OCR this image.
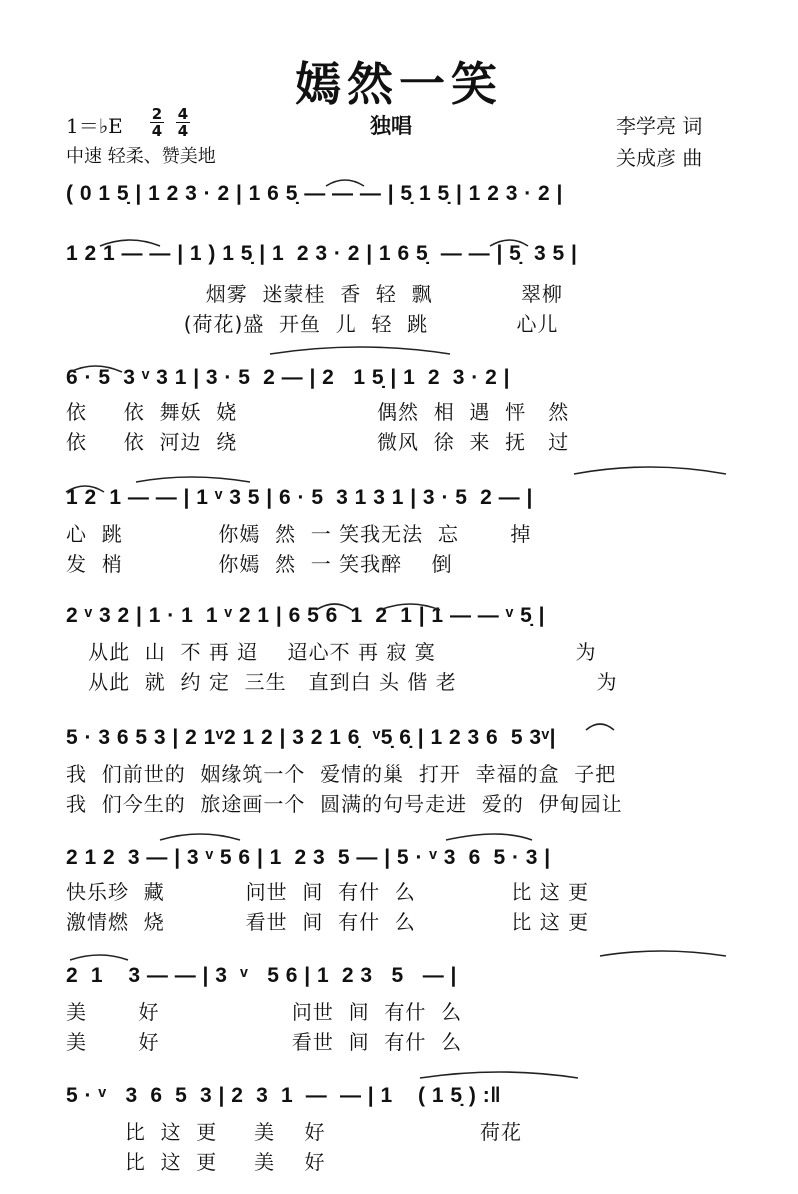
嫣然一笑
1＝♭E 2
4
4
4	独唱
中速 轻柔、赞美地
李学亮 词
关成彦 曲
( 0 1 5̣ | 1 2 3 · 2 | 1 6 5̣ — — — | 5̣ 1 5̣ | 1 2 3 · 2 |
1 2 1 — — | 1 ) 1 5̣ | 1  2 3 · 2 | 1 6 5̣  — — | 5̣  3 5 |
烟雾  迷蒙桂  香  轻  飘            翠柳
(荷花)盛  开鱼  儿  轻  跳            心儿
6 · 5  3 ᵛ 3 1 | 3 · 5  2 — | 2   1 5̣ | 1  2  3 · 2 |
依     依  舞妖  娆                   偶然  相  遇  怦   然
依     依  河边  绕                   微风  徐  来  抚   过
1 2  1 — — | 1 ᵛ 3 5 | 6 · 5  3 1 3 1 | 3 · 5  2 — |
心  跳             你嫣  然  一 笑我无法  忘       掉
发  梢             你嫣  然  一 笑我醉    倒
2 ᵛ 3 2 | 1 · 1  1 ᵛ 2 1 | 6 5 6  1  2  1 | 1 — — ᵛ 5̣ |
从此  山  不 再 迢    迢心不 再 寂 寞                   为
从此  就  约 定  三生   直到白 头 偕 老                   为
5 · 3 6 5 3 | 2 1ᵛ2 1 2 | 3 2 1 6̣  ᵛ5̣ 6̣ | 1 2 3 6  5 3ᵛ|
我  们前世的  姻缘筑一个  爱情的巢  打开  幸福的盒  子把
我  们今生的  旅途画一个  圆满的句号走进  爱的  伊甸园让
2 1 2  3 — | 3 ᵛ 5 6 | 1  2 3  5 — | 5 · ᵛ 3  6  5 · 3 |
快乐珍  藏           问世  间  有什  么             比 这 更
激情燃  烧           看世  间  有什  么             比 这 更
2  1    3 — — | 3  ᵛ   5 6 | 1  2 3   5   — |
美       好                  问世  间  有什  么
美       好                  看世  间  有什  么
5 · ᵛ   3  6  5  3 | 2  3  1  —  — | 1    ( 1 5̣ ) :‖
比  这  更     美    好                     荷花
比  这  更     美    好
